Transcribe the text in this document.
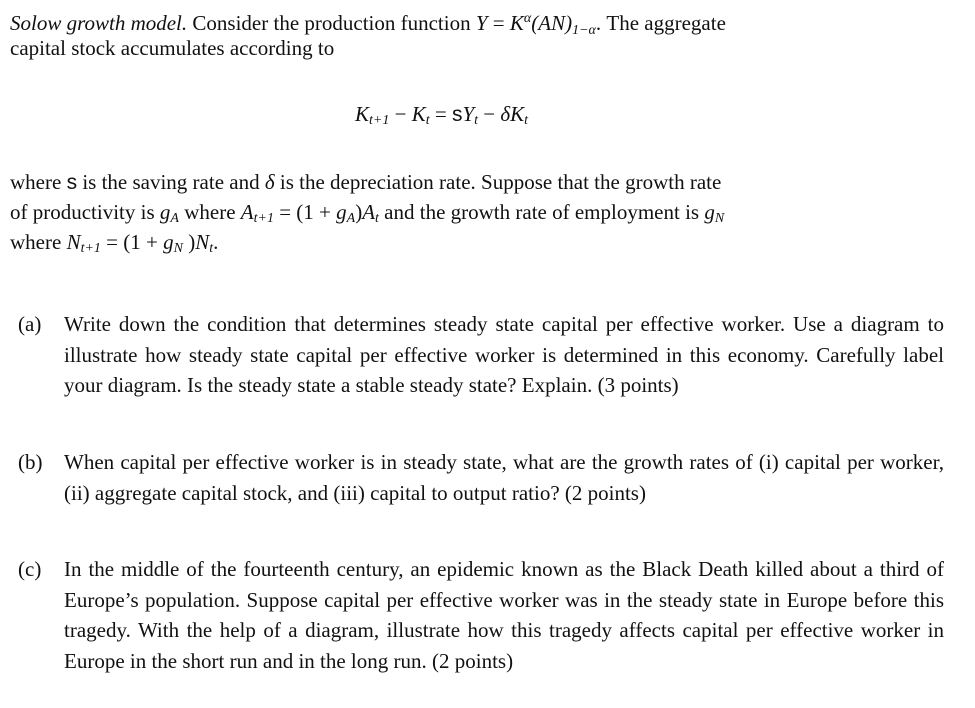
Solow growth model. Consider the production function $Y = K^\alpha(AN)_{1-\alpha}$. The aggregate
capital stock accumulates according to
$K_{t+1} - K_t = sY_t - \delta K_t$
where s is the saving rate and δ is the depreciation rate. Suppose that the growth rate
of productivity is $g_A$ where $A_{t+1} = (1 + g_A)A_t$ and the growth rate of employment is $g_N$
where $N_{t+1} = (1 + g_N$ )$N_t$.
(a) Write down the condition that determines steady state capital per effective worker. Use a diagram to illustrate how steady state capital per effective worker is determined in this economy. Carefully label your diagram. Is the steady state a stable steady state? Explain. (3 points)
(b) When capital per effective worker is in steady state, what are the growth rates of (i) capital per worker, (ii) aggregate capital stock, and (iii) capital to output ratio? (2 points)
(c) In the middle of the fourteenth century, an epidemic known as the Black Death killed about a third of Europe’s population. Suppose capital per effective worker was in the steady state in Europe before this tragedy. With the help of a diagram, illustrate how this tragedy affects capital per effective worker in Europe in the short run and in the long run. (2 points)
